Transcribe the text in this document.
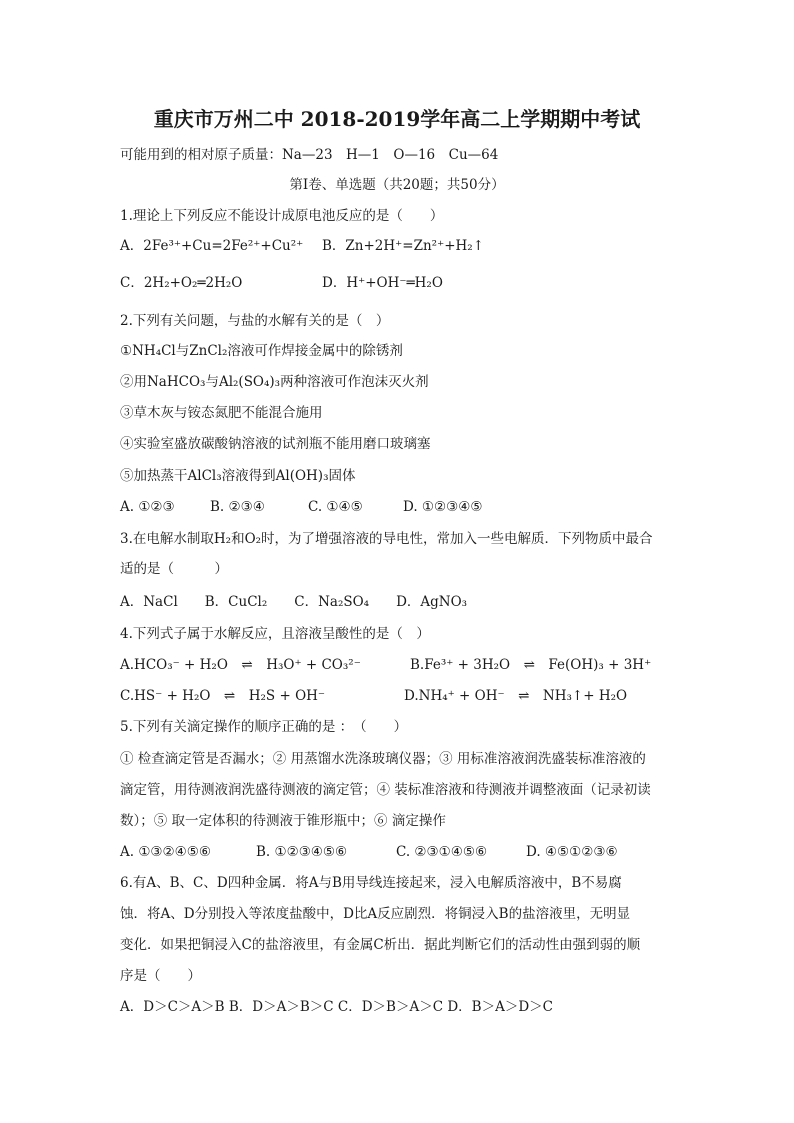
重庆市万州二中 2018-2019学年高二上学期期中考试
可能用到的相对原子质量：Na—23　H—1　O—16　Cu—64
第Ⅰ卷、单选题（共20题；共50分）
1.理论上下列反应不能设计成原电池反应的是（　　）
A．2Fe³⁺+Cu=2Fe²⁺+Cu²⁺ B．Zn+2H⁺=Zn²⁺+H₂↑
C．2H₂+O₂═2H₂O	D．H⁺+OH⁻═H₂O
2.下列有关问题，与盐的水解有关的是（　）
①NH₄Cl与ZnCl₂溶液可作焊接金属中的除锈剂
②用NaHCO₃与Al₂(SO₄)₃两种溶液可作泡沫灭火剂
③草木灰与铵态氮肥不能混合施用
④实验室盛放碳酸钠溶液的试剂瓶不能用磨口玻璃塞
⑤加热蒸干AlCl₃溶液得到Al(OH)₃固体
A. ①②③	B. ②③④	C. ①④⑤	D. ①②③④⑤
3.在电解水制取H₂和O₂时，为了增强溶液的导电性，常加入一些电解质．下列物质中最合
适的是（　　　）
A．NaCl　　B．CuCl₂　　C．Na₂SO₄　　D．AgNO₃
4.下列式子属于水解反应，且溶液呈酸性的是（　）
A.HCO₃⁻ + H₂O　⇌　H₃O⁺ + CO₃²⁻	B.Fe³⁺ + 3H₂O　⇌　Fe(OH)₃ + 3H⁺
C.HS⁻ + H₂O　⇌　H₂S + OH⁻	D.NH₄⁺ + OH⁻　⇌　NH₃↑+ H₂O
5.下列有关滴定操作的顺序正确的是 ：　（　　）
① 检查滴定管是否漏水；② 用蒸馏水洗涤玻璃仪器；③ 用标准溶液润洗盛装标准溶液的
滴定管，用待测液润洗盛待测液的滴定管；④ 装标准溶液和待测液并调整液面（记录初读
数）；⑤ 取一定体积的待测液于锥形瓶中；⑥ 滴定操作
A. ①③②④⑤⑥	B. ①②③④⑤⑥	C. ②③①④⑤⑥	D. ④⑤①②③⑥
6.有A、B、C、D四种金属．将A与B用导线连接起来，浸入电解质溶液中，B不易腐
蚀．将A、D分别投入等浓度盐酸中，D比A反应剧烈．将铜浸入B的盐溶液里，无明显
变化．如果把铜浸入C的盐溶液里，有金属C析出．据此判断它们的活动性由强到弱的顺
序是（　　）
A．D＞C＞A＞B B．D＞A＞B＞C C．D＞B＞A＞C D．B＞A＞D＞C
